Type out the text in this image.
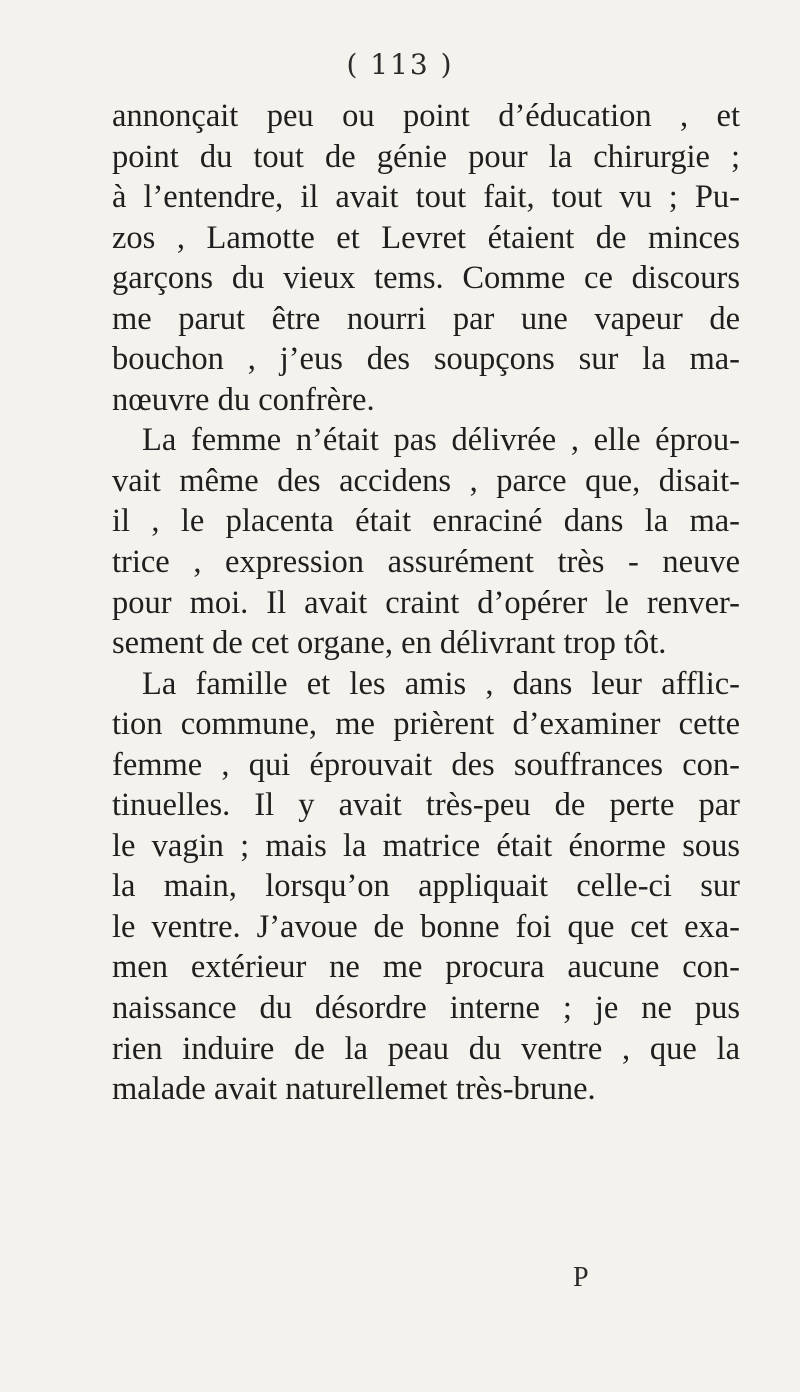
( 113 )
annonçait peu ou point d’éducation , et
point du tout de génie pour la chirurgie ;
à l’entendre, il avait tout fait, tout vu ; Pu-
zos , Lamotte et Levret étaient de minces
garçons du vieux tems. Comme ce discours
me parut être nourri par une vapeur de
bouchon , j’eus des soupçons sur la ma-
nœuvre du confrère.
La femme n’était pas délivrée , elle éprou-
vait même des accidens , parce que, disait-
il , le placenta était enraciné dans la ma-
trice , expression assurément très - neuve
pour moi. Il avait craint d’opérer le renver-
sement de cet organe, en délivrant trop tôt.
La famille et les amis , dans leur afflic-
tion commune, me prièrent d’examiner cette
femme , qui éprouvait des souffrances con-
tinuelles. Il y avait très-peu de perte par
le vagin ; mais la matrice était énorme sous
la main, lorsqu’on appliquait celle-ci sur
le ventre. J’avoue de bonne foi que cet exa-
men extérieur ne me procura aucune con-
naissance du désordre interne ; je ne pus
rien induire de la peau du ventre , que la
malade avait naturellemet très-brune.
P
